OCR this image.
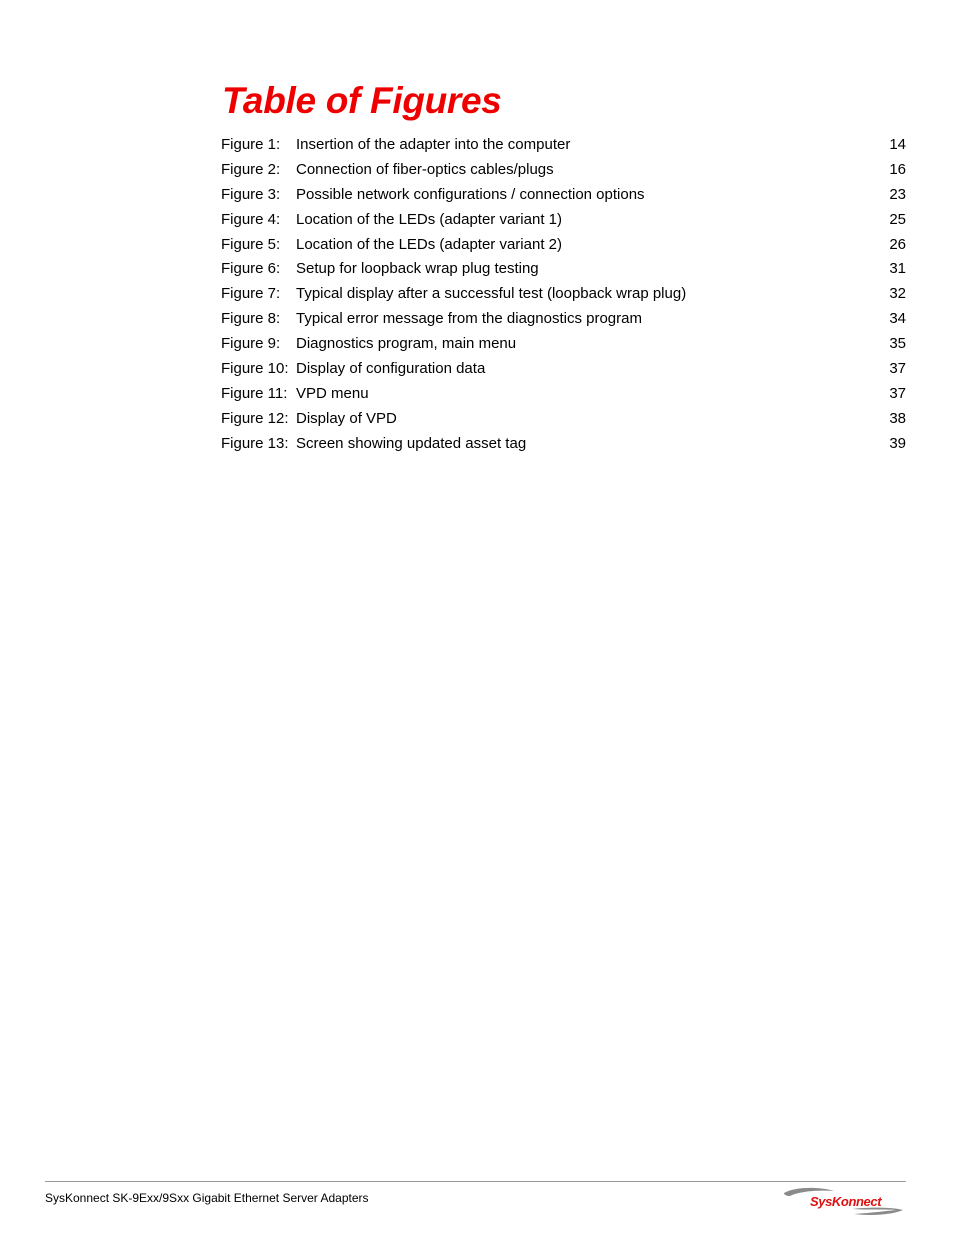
Table of Figures
Figure 1: Insertion of the adapter into the computer	14
Figure 2: Connection of fiber-optics cables/plugs	16
Figure 3: Possible network configurations / connection options	23
Figure 4: Location of the LEDs (adapter variant 1)	25
Figure 5: Location of the LEDs (adapter variant 2)	26
Figure 6: Setup for loopback wrap plug testing	31
Figure 7: Typical display after a successful test (loopback wrap plug)	32
Figure 8: Typical error message from the diagnostics program	34
Figure 9: Diagnostics program, main menu	35
Figure 10: Display of configuration data	37
Figure 11: VPD menu	37
Figure 12: Display of VPD	38
Figure 13: Screen showing updated asset tag	39
SysKonnect SK-9Exx/9Sxx Gigabit Ethernet Server Adapters	SysKonnect
